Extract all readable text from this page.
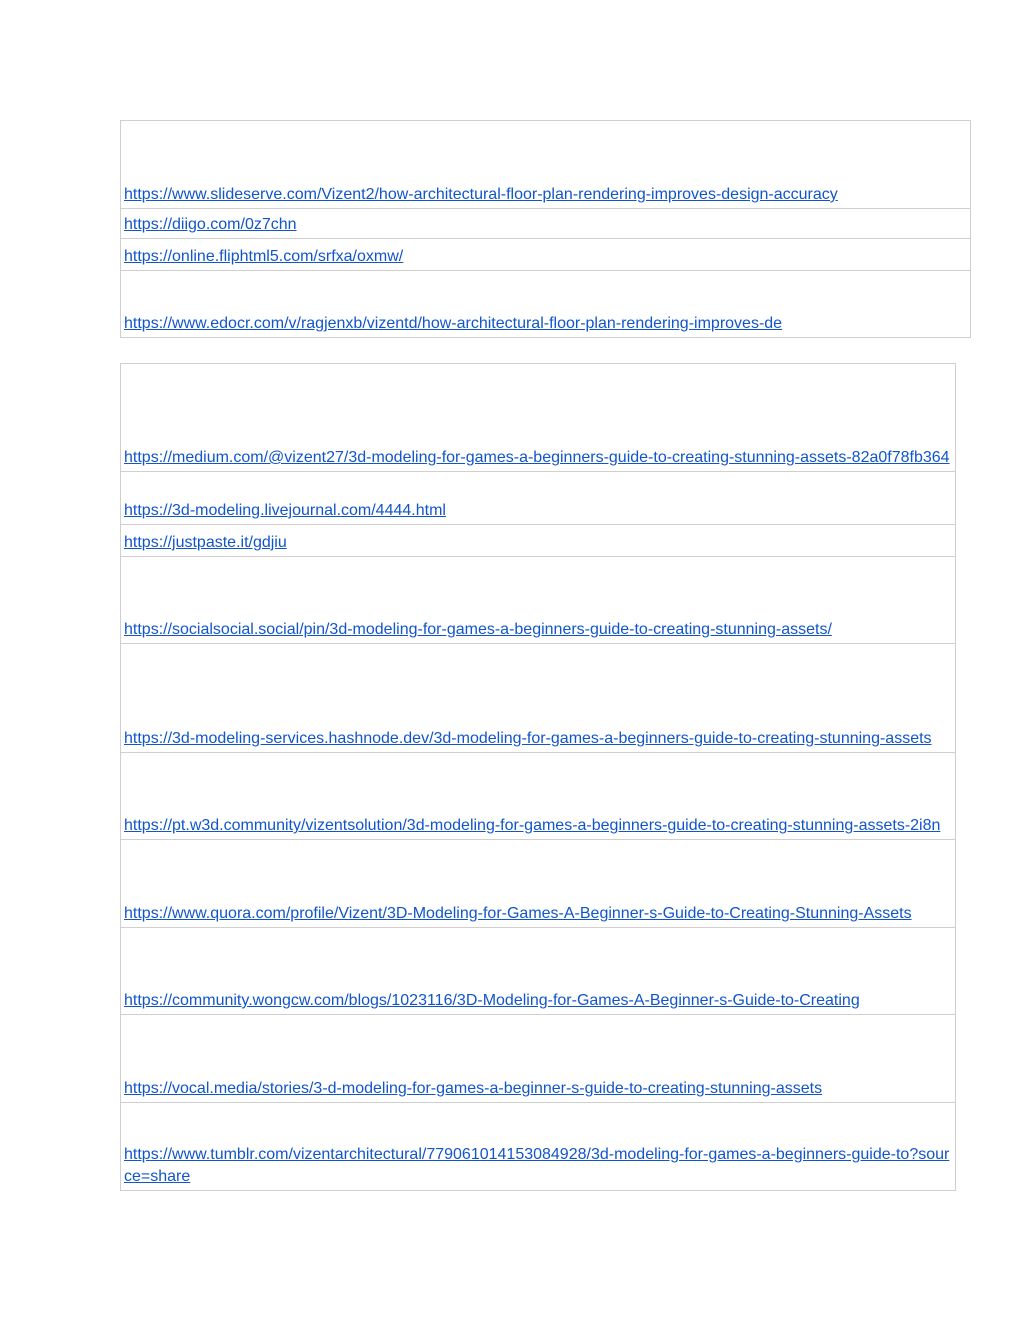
https://www.slideserve.com/Vizent2/how-architectural-floor-plan-rendering-improves-design-accuracy

https://diigo.com/0z7chn

https://online.fliphtml5.com/srfxa/oxmw/

https://www.edocr.com/v/ragjenxb/vizentd/how-architectural-floor-plan-rendering-improves-de
https://medium.com/@vizent27/3d-modeling-for-games-a-beginners-guide-to-creating-stunning-assets-82a0f78fb364

https://3d-modeling.livejournal.com/4444.html

https://justpaste.it/gdjiu

https://socialsocial.social/pin/3d-modeling-for-games-a-beginners-guide-to-creating-stunning-assets/

https://3d-modeling-services.hashnode.dev/3d-modeling-for-games-a-beginners-guide-to-creating-stunning-assets

https://pt.w3d.community/vizentsolution/3d-modeling-for-games-a-beginners-guide-to-creating-stunning-assets-2i8n

https://www.quora.com/profile/Vizent/3D-Modeling-for-Games-A-Beginner-s-Guide-to-Creating-Stunning-Assets

https://community.wongcw.com/blogs/1023116/3D-Modeling-for-Games-A-Beginner-s-Guide-to-Creating

https://vocal.media/stories/3-d-modeling-for-games-a-beginner-s-guide-to-creating-stunning-assets

https://www.tumblr.com/vizentarchitectural/779061014153084928/3d-modeling-for-games-a-beginners-guide-to?source=share
